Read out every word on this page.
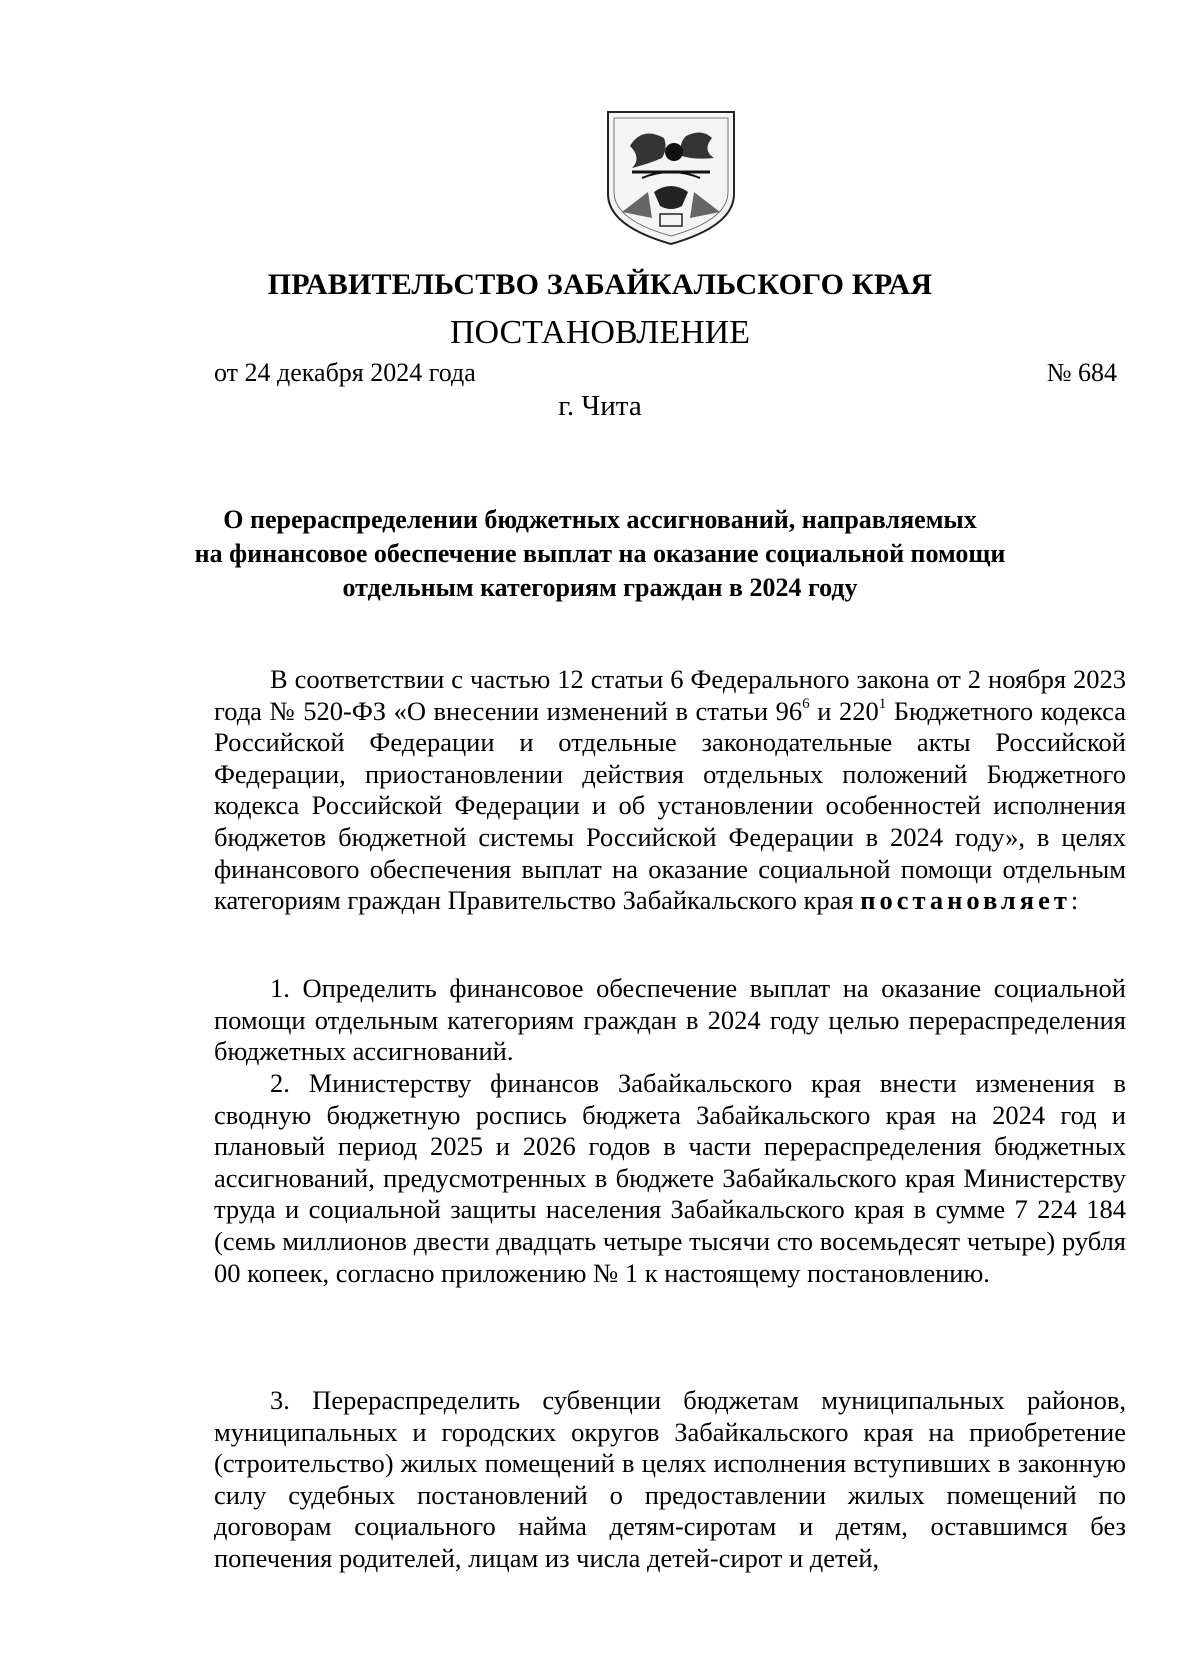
ПРАВИТЕЛЬСТВО ЗАБАЙКАЛЬСКОГО КРАЯ
ПОСТАНОВЛЕНИЕ
от 24 декабря 2024 года	№ 684
г. Чита
О перераспределении бюджетных ассигнований, направляемых
на финансовое обеспечение выплат на оказание социальной помощи
отдельным категориям граждан в 2024 году

В соответствии с частью 12 статьи 6 Федерального закона от 2 ноября 2023 года № 520-ФЗ «О внесении изменений в статьи $96^6$ и $220^1$ Бюджетного кодекса Российской Федерации и отдельные законодательные акты Российской Федерации, приостановлении действия отдельных положений Бюджетного кодекса Российской Федерации и об установлении особенностей исполнения бюджетов бюджетной системы Российской Федерации в 2024 году», в целях финансового обеспечения выплат на оказание социальной помощи отдельным категориям граждан Правительство Забайкальского края постановляет:

1. Определить финансовое обеспечение выплат на оказание социальной помощи отдельным категориям граждан в 2024 году целью перераспределения бюджетных ассигнований.

2. Министерству финансов Забайкальского края внести изменения в сводную бюджетную роспись бюджета Забайкальского края на 2024 год и плановый период 2025 и 2026 годов в части перераспределения бюджетных ассигнований, предусмотренных в бюджете Забайкальского края Министерству труда и социальной защиты населения Забайкальского края в сумме 7 224 184 (семь миллионов двести двадцать четыре тысячи сто восемьдесят четыре) рубля 00 копеек, согласно приложению № 1 к настоящему постановлению.

3. Перераспределить субвенции бюджетам муниципальных районов, муниципальных и городских округов Забайкальского края на приобретение (строительство) жилых помещений в целях исполнения вступивших в законную силу судебных постановлений о предоставлении жилых помещений по договорам социального найма детям-сиротам и детям, оставшимся без попечения родителей, лицам из числа детей-сирот и детей,
